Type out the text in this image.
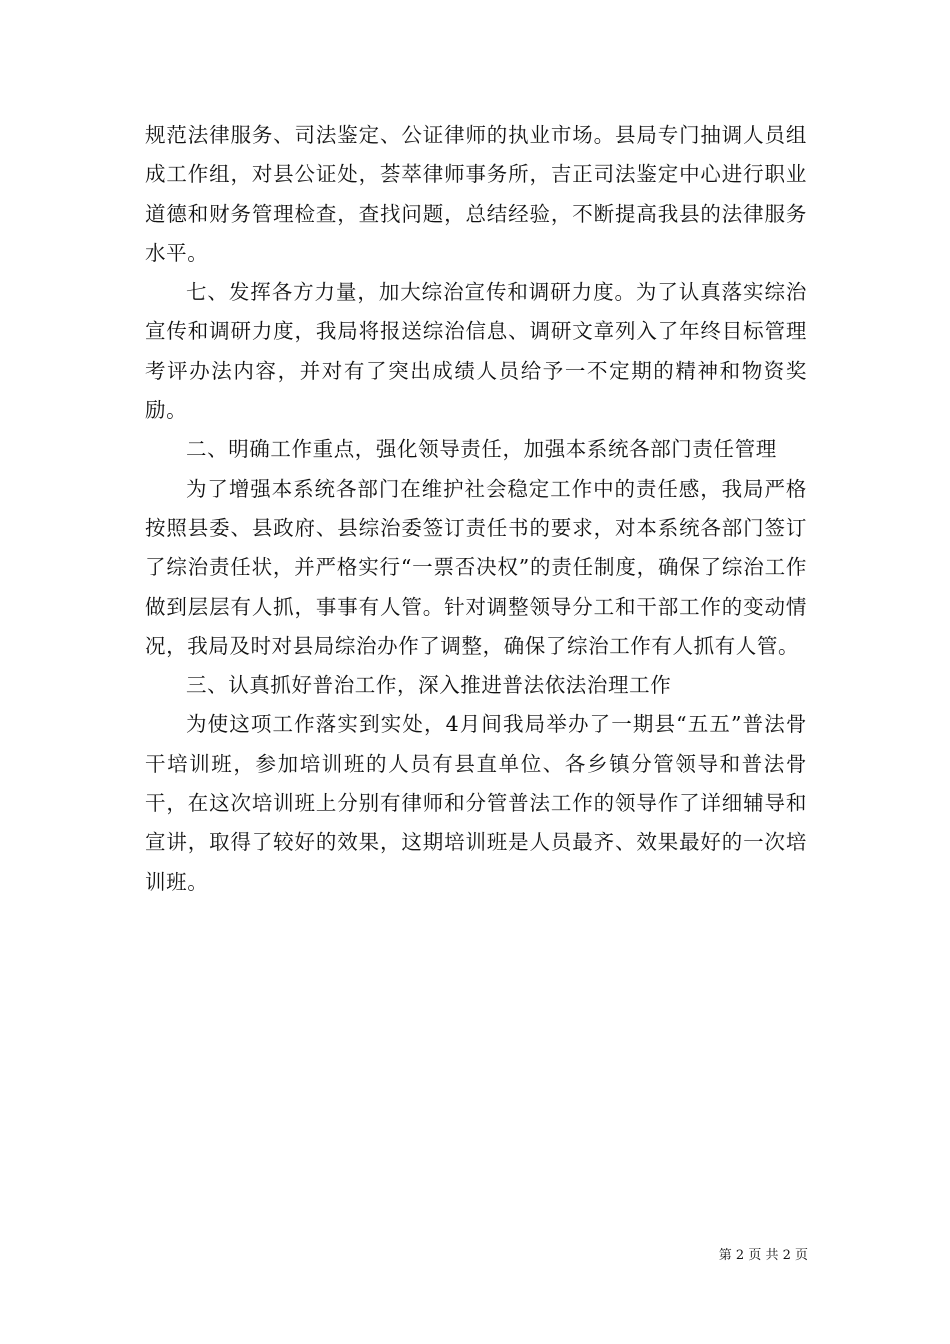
规范法律服务、司法鉴定、公证律师的执业市场。县局专门抽调人员组成工作组，对县公证处，荟萃律师事务所，吉正司法鉴定中心进行职业道德和财务管理检查，查找问题，总结经验，不断提高我县的法律服务水平。

七、发挥各方力量，加大综治宣传和调研力度。为了认真落实综治宣传和调研力度，我局将报送综治信息、调研文章列入了年终目标管理考评办法内容，并对有了突出成绩人员给予一不定期的精神和物资奖励。

二、明确工作重点，强化领导责任，加强本系统各部门责任管理

为了增强本系统各部门在维护社会稳定工作中的责任感，我局严格按照县委、县政府、县综治委签订责任书的要求，对本系统各部门签订了综治责任状，并严格实行“一票否决权”的责任制度，确保了综治工作做到层层有人抓，事事有人管。针对调整领导分工和干部工作的变动情况，我局及时对县局综治办作了调整，确保了综治工作有人抓有人管。

三、认真抓好普治工作，深入推进普法依法治理工作

为使这项工作落实到实处，4月间我局举办了一期县“五五”普法骨干培训班，参加培训班的人员有县直单位、各乡镇分管领导和普法骨干，在这次培训班上分别有律师和分管普法工作的领导作了详细辅导和宣讲，取得了较好的效果，这期培训班是人员最齐、效果最好的一次培训班。

第 2 页 共 2 页
